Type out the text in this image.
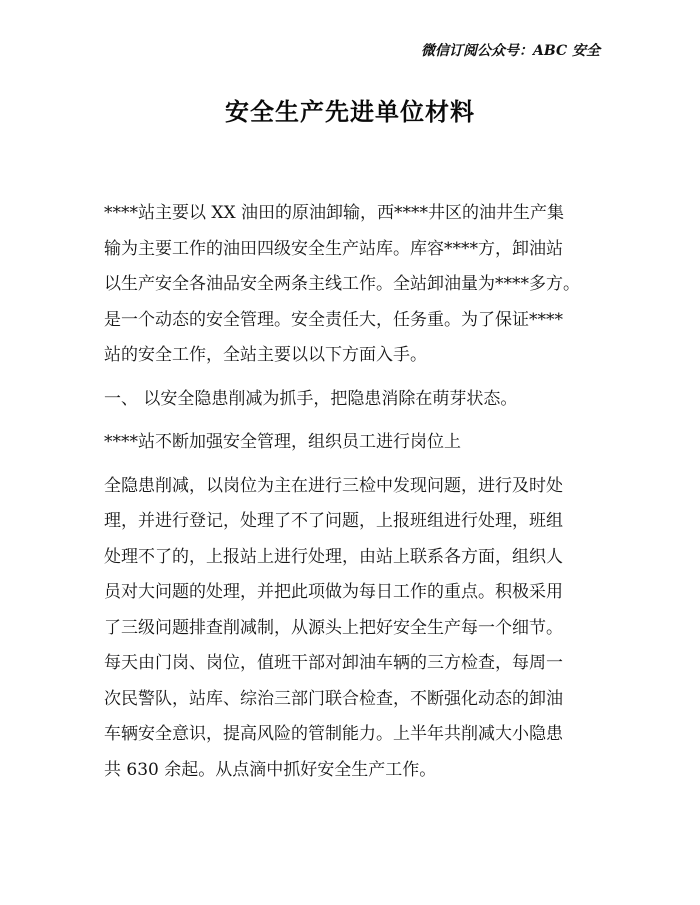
微信订阅公众号：ABC 安全
安全生产先进单位材料
****站主要以 XX 油田的原油卸输，西****井区的油井生产集
输为主要工作的油田四级安全生产站库。库容****方，卸油站
以生产安全各油品安全两条主线工作。全站卸油量为****多方。
是一个动态的安全管理。安全责任大，任务重。为了保证****
站的安全工作，全站主要以以下方面入手。
一、 以安全隐患削减为抓手，把隐患消除在萌芽状态。
****站不断加强安全管理，组织员工进行岗位上
全隐患削减，以岗位为主在进行三检中发现问题，进行及时处
理，并进行登记，处理了不了问题，上报班组进行处理，班组
处理不了的，上报站上进行处理，由站上联系各方面，组织人
员对大问题的处理，并把此项做为每日工作的重点。积极采用
了三级问题排查削减制，从源头上把好安全生产每一个细节。
每天由门岗、岗位，值班干部对卸油车辆的三方检查，每周一
次民警队，站库、综治三部门联合检查，不断强化动态的卸油
车辆安全意识，提高风险的管制能力。上半年共削减大小隐患
共 630 余起。从点滴中抓好安全生产工作。
